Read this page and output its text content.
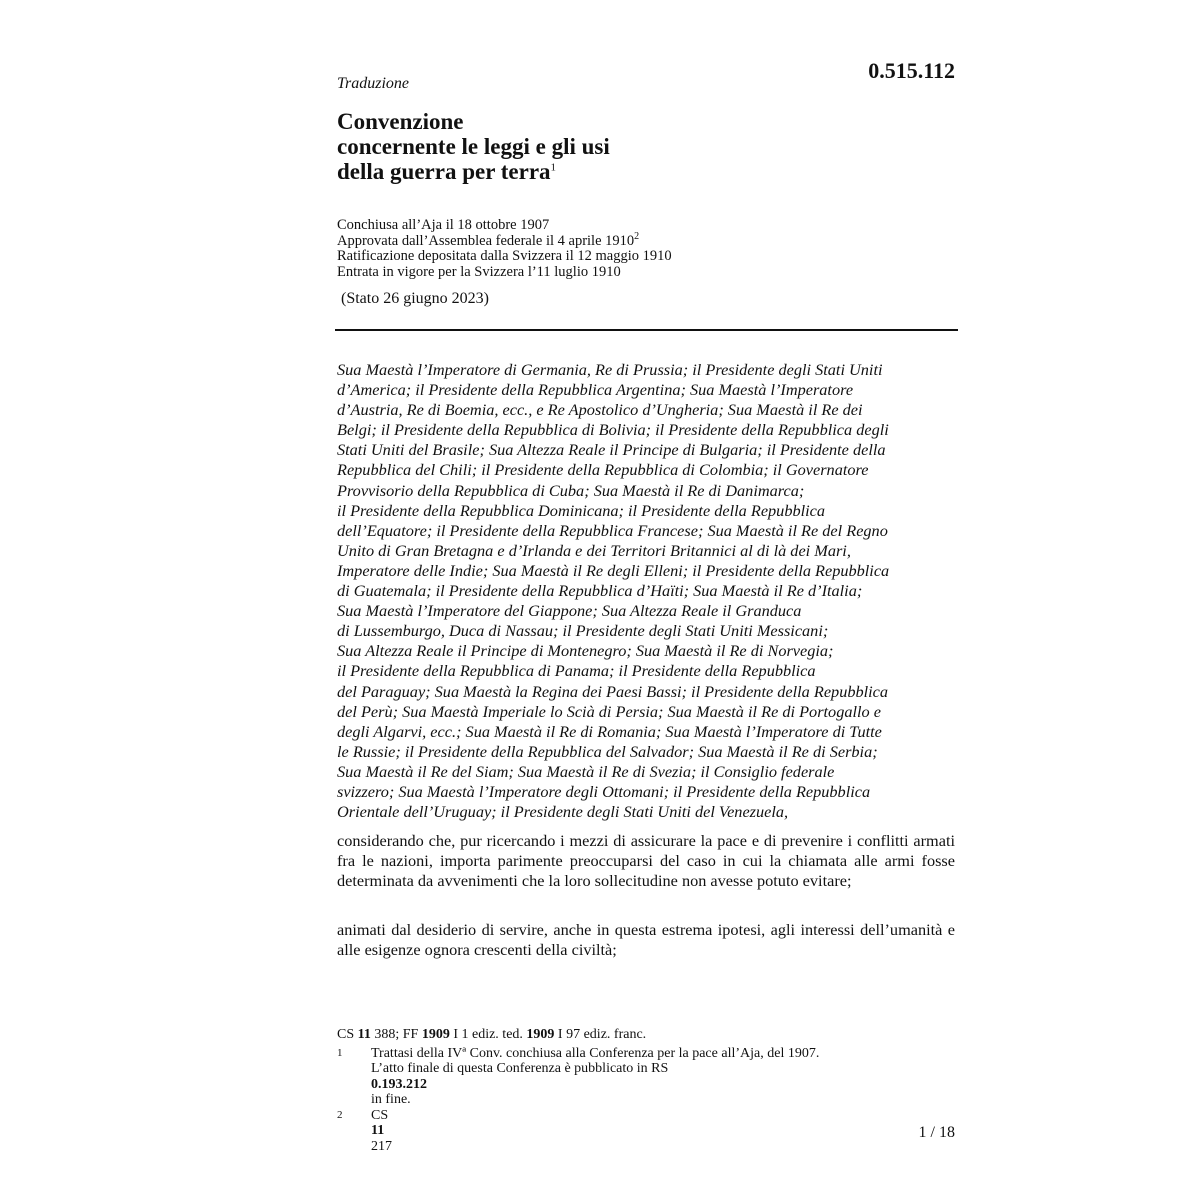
0.515.112
Traduzione
Convenzione
concernente le leggi e gli usi
della guerra per terra$^1$
Conchiusa all’Aja il 18 ottobre 1907
Approvata dall’Assemblea federale il 4 aprile 1910$^2$
Ratificazione depositata dalla Svizzera il 12 maggio 1910
Entrata in vigore per la Svizzera l’11 luglio 1910
(Stato 26 giugno 2023)
Sua Maestà l’Imperatore di Germania, Re di Prussia; il Presidente degli Stati Uniti
d’America; il Presidente della Repubblica Argentina; Sua Maestà l’Imperatore
d’Austria, Re di Boemia, ecc., e Re Apostolico d’Ungheria; Sua Maestà il Re dei
Belgi; il Presidente della Repubblica di Bolivia; il Presidente della Repubblica degli
Stati Uniti del Brasile; Sua Altezza Reale il Principe di Bulgaria; il Presidente della
Repubblica del Chili; il Presidente della Repubblica di Colombia; il Governatore
Provvisorio della Repubblica di Cuba; Sua Maestà il Re di Danimarca;
il Presidente della Repubblica Dominicana; il Presidente della Repubblica
dell’Equatore; il Presidente della Repubblica Francese; Sua Maestà il Re del Regno
Unito di Gran Bretagna e d’Irlanda e dei Territori Britannici al di là dei Mari,
Imperatore delle Indie; Sua Maestà il Re degli Elleni; il Presidente della Repubblica
di Guatemala; il Presidente della Repubblica d’Haïti; Sua Maestà il Re d’Italia;
Sua Maestà l’Imperatore del Giappone; Sua Altezza Reale il Granduca
di Lussemburgo, Duca di Nassau; il Presidente degli Stati Uniti Messicani;
Sua Altezza Reale il Principe di Montenegro; Sua Maestà il Re di Norvegia;
il Presidente della Repubblica di Panama; il Presidente della Repubblica
del Paraguay; Sua Maestà la Regina dei Paesi Bassi; il Presidente della Repubblica
del Perù; Sua Maestà Imperiale lo Scià di Persia; Sua Maestà il Re di Portogallo e
degli Algarvi, ecc.; Sua Maestà il Re di Romania; Sua Maestà l’Imperatore di Tutte
le Russie; il Presidente della Repubblica del Salvador; Sua Maestà il Re di Serbia;
Sua Maestà il Re del Siam; Sua Maestà il Re di Svezia; il Consiglio federale
svizzero; Sua Maestà l’Imperatore degli Ottomani; il Presidente della Repubblica
Orientale dell’Uruguay; il Presidente degli Stati Uniti del Venezuela,
considerando che, pur ricercando i mezzi di assicurare la pace e di prevenire i conflitti armati fra le nazioni, importa parimente preoccuparsi del caso in cui la chiamata alle armi fosse determinata da avvenimenti che la loro sollecitudine non avesse potuto evitare;
animati dal desiderio di servire, anche in questa estrema ipotesi, agli interessi dell’umanità e alle esigenze ognora crescenti della civiltà;
CS 11 388; FF 1909 I 1 ediz. ted. 1909 I 97 ediz. franc.
1	Trattasi della IVª Conv. conchiusa alla Conferenza per la pace all’Aja, del 1907.
L’atto finale di questa Conferenza è pubblicato in RS
0.193.212
in fine.
2	CS
11
217
1 / 18
